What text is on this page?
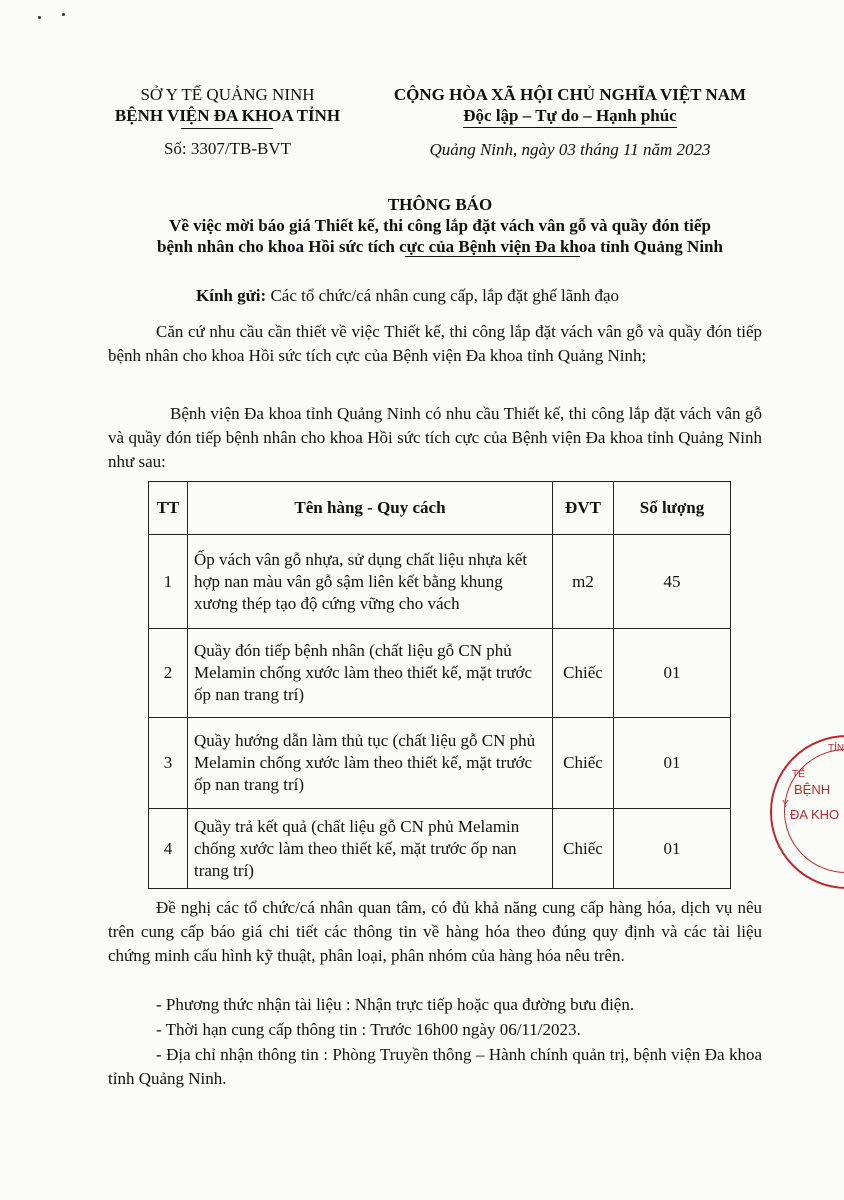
SỞ Y TẾ QUẢNG NINH
BỆNH VIỆN ĐA KHOA TỈNH
Số: 3307/TB-BVT
CỘNG HÒA XÃ HỘI CHỦ NGHĨA VIỆT NAM
Độc lập – Tự do – Hạnh phúc
Quảng Ninh, ngày 03 tháng 11 năm 2023
THÔNG BÁO
Về việc mời báo giá Thiết kế, thi công lắp đặt vách vân gỗ và quầy đón tiếp
bệnh nhân cho khoa Hồi sức tích cực của Bệnh viện Đa khoa tỉnh Quảng Ninh
Kính gửi: Các tổ chức/cá nhân cung cấp, lắp đặt ghế lãnh đạo
Căn cứ nhu cầu cần thiết về việc Thiết kế, thi công lắp đặt vách vân gỗ và quầy đón tiếp bệnh nhân cho khoa Hồi sức tích cực của Bệnh viện Đa khoa tỉnh Quảng Ninh;
Bệnh viện Đa khoa tỉnh Quảng Ninh có nhu cầu Thiết kế, thi công lắp đặt vách vân gỗ và quầy đón tiếp bệnh nhân cho khoa Hồi sức tích cực của Bệnh viện Đa khoa tỉnh Quảng Ninh như sau:
TT	Tên hàng - Quy cách	ĐVT	Số lượng
1	Ốp vách vân gỗ nhựa, sử dụng chất liệu nhựa kết hợp nan màu vân gỗ sậm liên kết bằng khung xương thép tạo độ cứng vững cho vách	m2	45
2	Quầy đón tiếp bệnh nhân (chất liệu gỗ CN phủ Melamin chống xước làm theo thiết kế, mặt trước ốp nan trang trí)	Chiếc	01
3	Quầy hướng dẫn làm thủ tục (chất liệu gỗ CN phủ Melamin chống xước làm theo thiết kế, mặt trước ốp nan trang trí)	Chiếc	01
4	Quầy trả kết quả (chất liệu gỗ CN phủ Melamin chống xước làm theo thiết kế, mặt trước ốp nan trang trí)	Chiếc	01
Đề nghị các tổ chức/cá nhân quan tâm, có đủ khả năng cung cấp hàng hóa, dịch vụ nêu trên cung cấp báo giá chi tiết các thông tin về hàng hóa theo đúng quy định và các tài liệu chứng minh cấu hình kỹ thuật, phân loại, phân nhóm của hàng hóa nêu trên.
- Phương thức nhận tài liệu : Nhận trực tiếp hoặc qua đường bưu điện.
- Thời hạn cung cấp thông tin : Trước 16h00 ngày 06/11/2023.
- Địa chỉ nhận thông tin : Phòng Truyền thông – Hành chính quản trị, bệnh viện Đa khoa tỉnh Quảng Ninh.
TỈN
TẾ
Y
BỆNH
ĐA KHO
